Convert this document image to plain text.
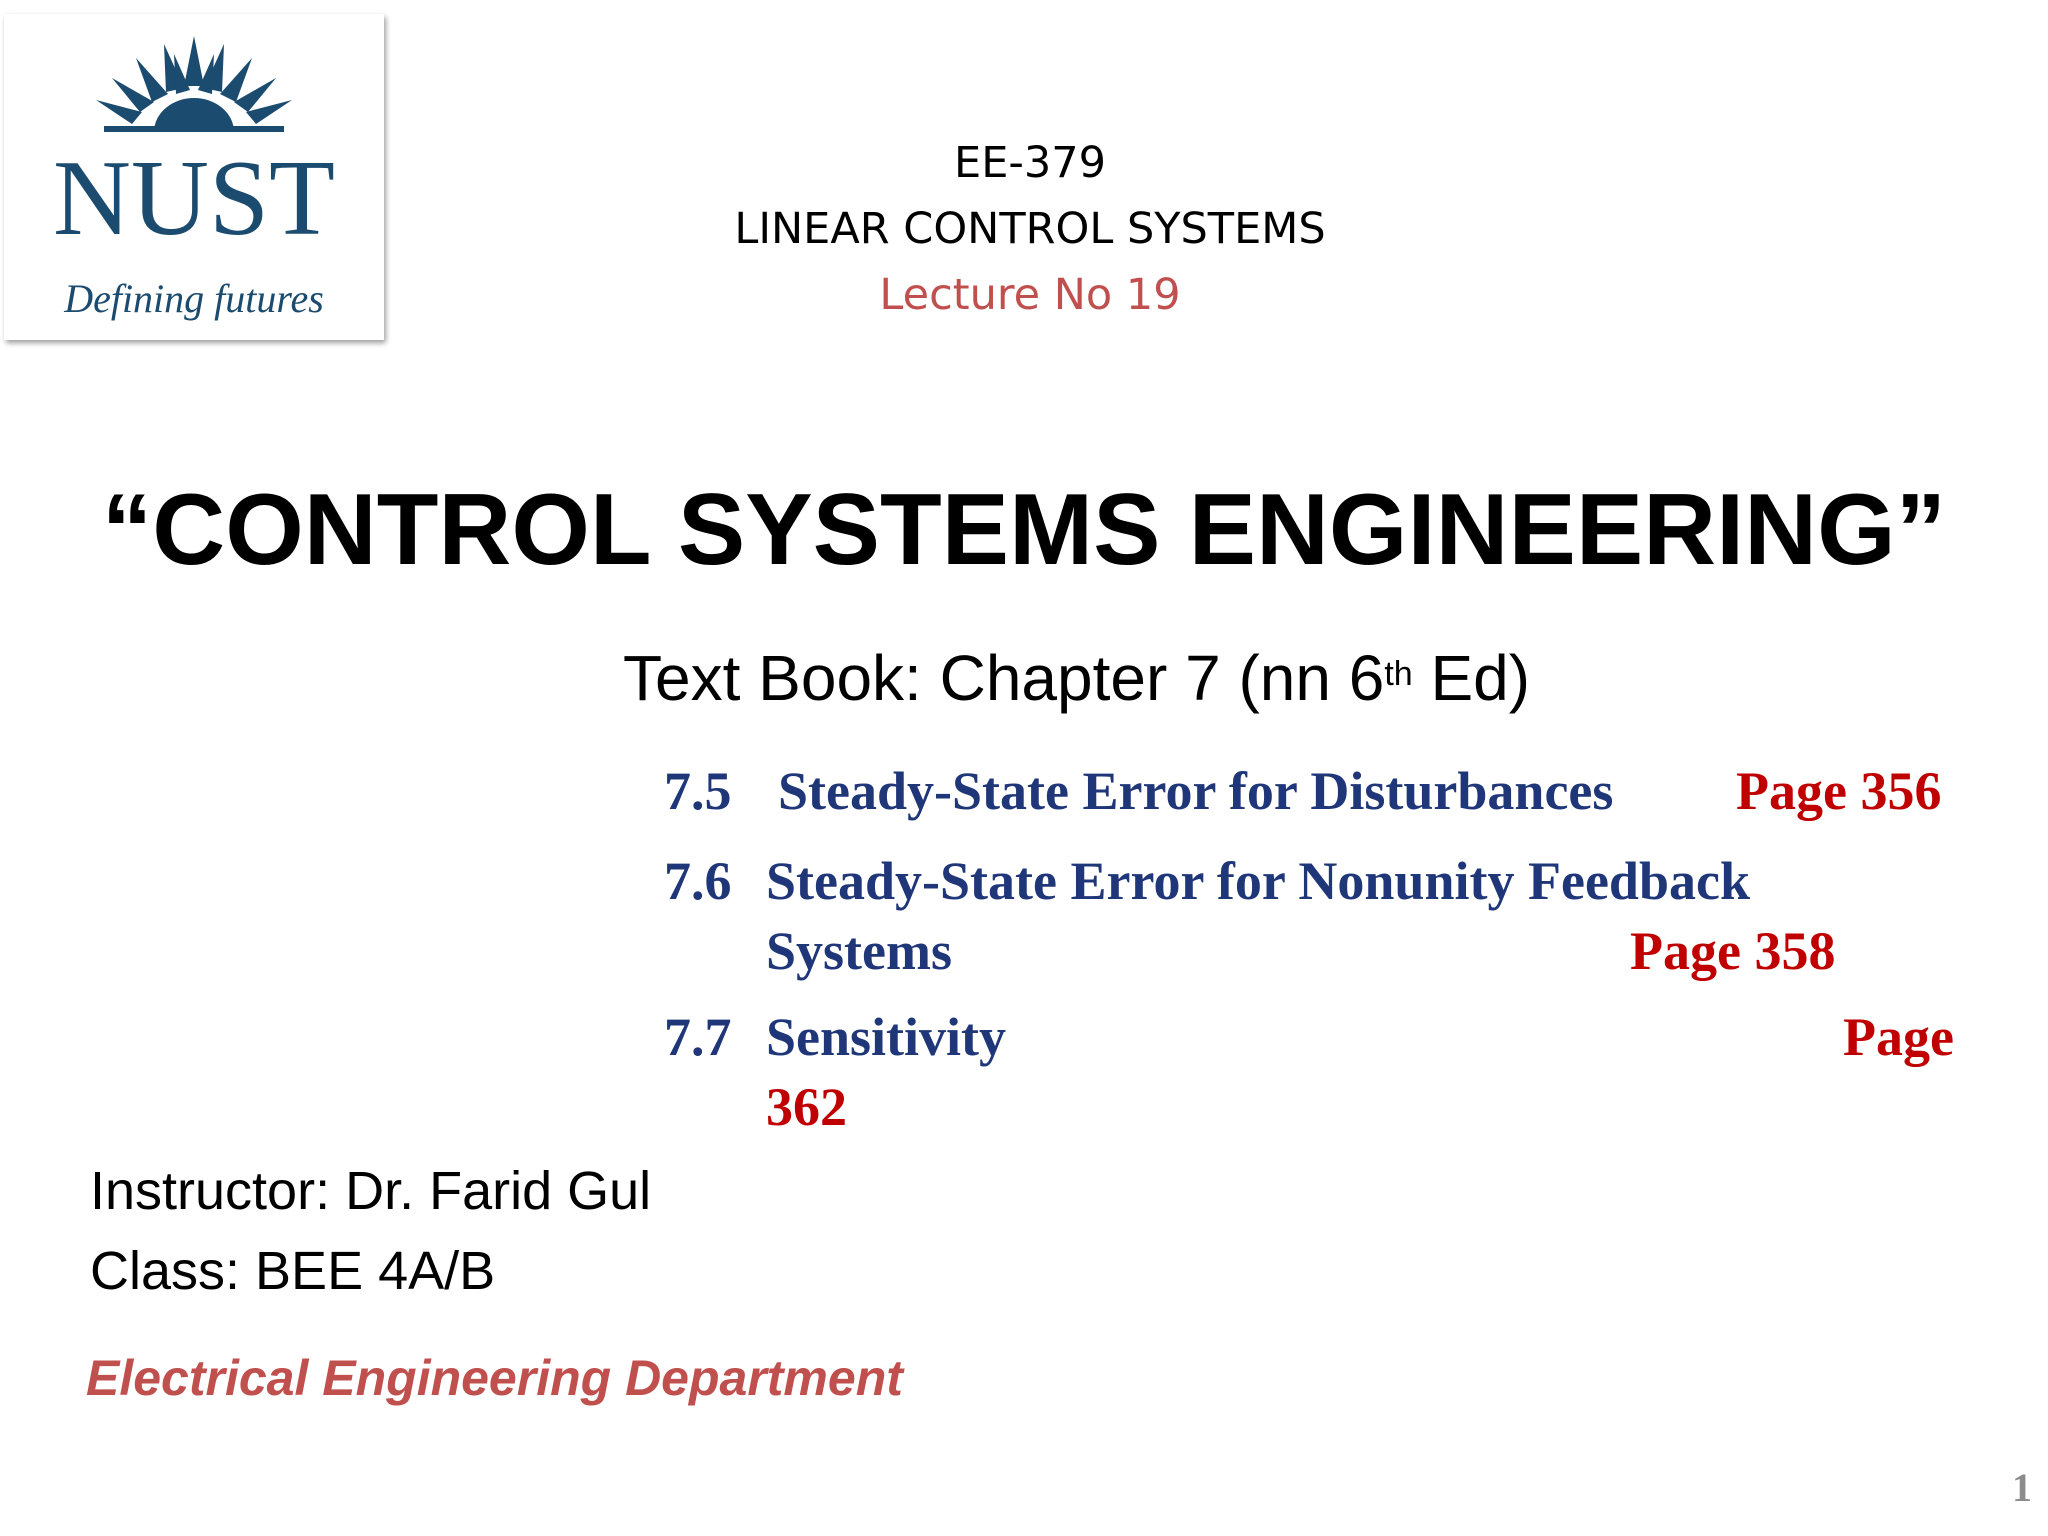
NUST
Defining futures
EE-379
LINEAR CONTROL SYSTEMS
Lecture No 19
“CONTROL SYSTEMS ENGINEERING”
Text Book: Chapter 7 (nn 6th Ed)
7.5 Steady-State Error for Disturbances Page 356
7.6 Steady-State Error for Nonunity Feedback
Systems	Page 358
7.7 Sensitivity	Page
362
Instructor: Dr. Farid Gul
Class: BEE 4A/B
Electrical Engineering Department
1
